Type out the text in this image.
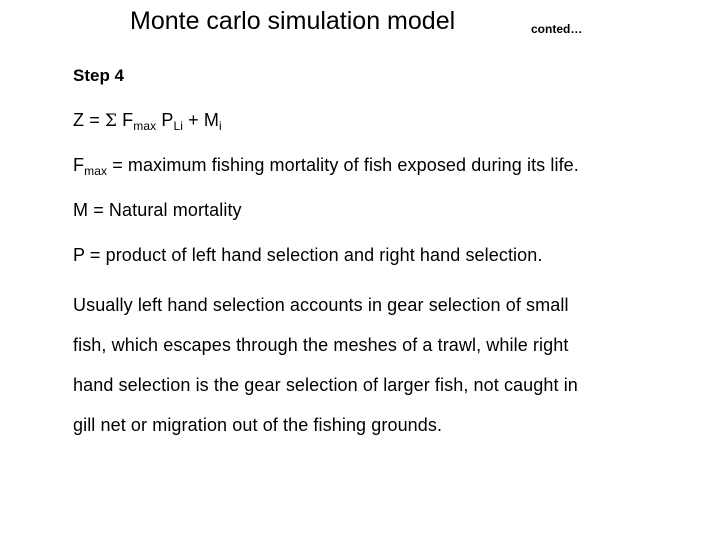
Monte carlo simulation model	conted…
Step 4
Z = Σ $F_{max}$ $P_{Li} + M_i$
$F_{max}$ = maximum fishing mortality of fish exposed during its life.
M = Natural mortality
P = product of left hand selection and right hand selection.
Usually left hand selection accounts in gear selection of small
fish, which escapes through the meshes of a trawl, while right
hand selection is the gear selection of larger fish, not caught in
gill net or migration out of the fishing grounds.
